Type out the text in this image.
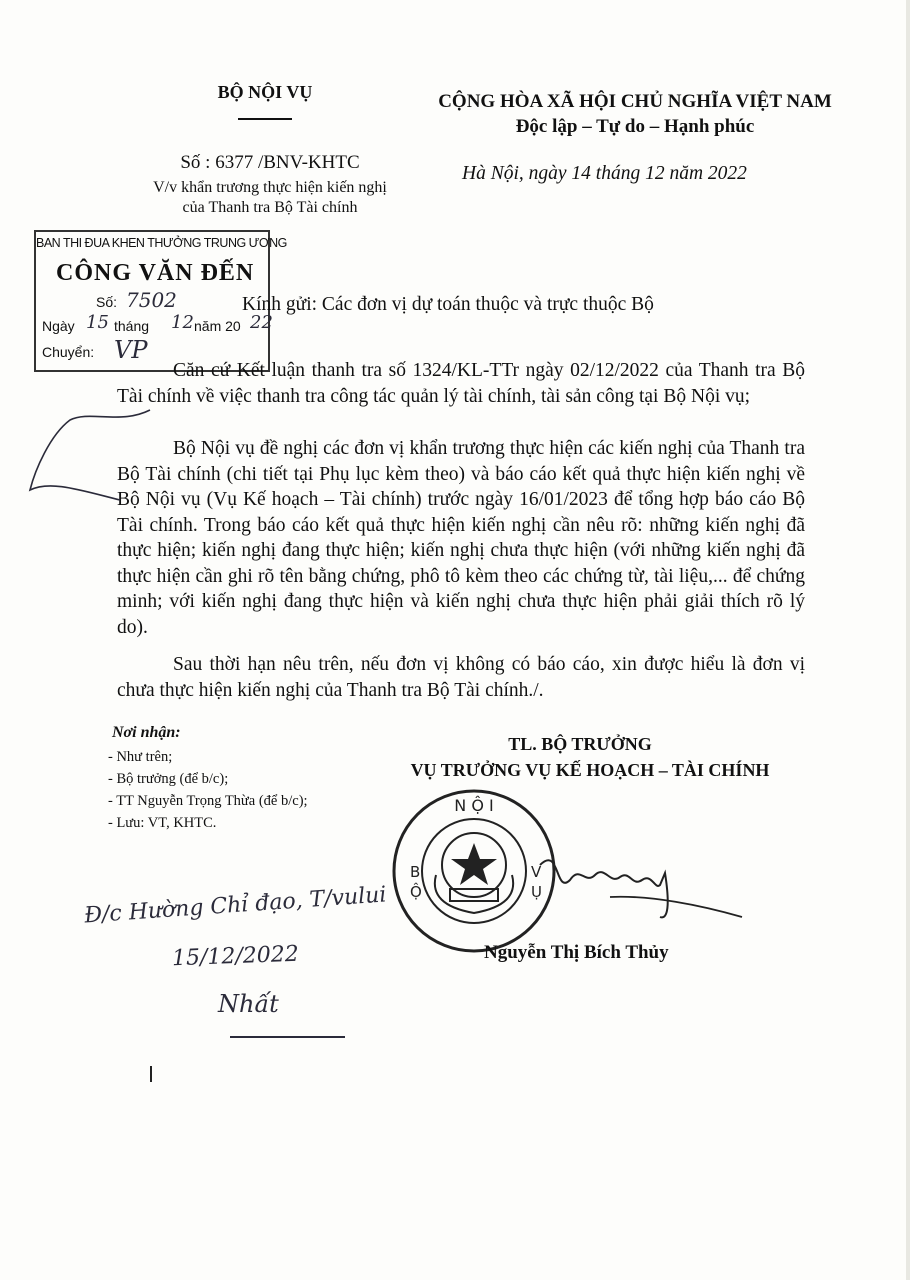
BỘ NỘI VỤ	CỘNG HÒA XÃ HỘI CHỦ NGHĨA VIỆT NAM
Độc lập – Tự do – Hạnh phúc
Số : 6377 /BNV-KHTC
V/v khẩn trương thực hiện kiến nghị
của Thanh tra Bộ Tài chính
Hà Nội, ngày 14 tháng 12 năm 2022
BAN THI ĐUA KHEN THƯỞNG TRUNG ƯƠNG
CÔNG VĂN ĐẾN
Số: 7502
Ngày 15 tháng 12 năm 20 22
Chuyển: VP
Kính gửi: Các đơn vị dự toán thuộc và trực thuộc Bộ
Căn cứ Kết luận thanh tra số 1324/KL-TTr ngày 02/12/2022 của Thanh tra Bộ Tài chính về việc thanh tra công tác quản lý tài chính, tài sản công tại Bộ Nội vụ;
Bộ Nội vụ đề nghị các đơn vị khẩn trương thực hiện các kiến nghị của Thanh tra Bộ Tài chính (chi tiết tại Phụ lục kèm theo) và báo cáo kết quả thực hiện kiến nghị về Bộ Nội vụ (Vụ Kế hoạch – Tài chính) trước ngày 16/01/2023 để tổng hợp báo cáo Bộ Tài chính. Trong báo cáo kết quả thực hiện kiến nghị cần nêu rõ: những kiến nghị đã thực hiện; kiến nghị đang thực hiện; kiến nghị chưa thực hiện (với những kiến nghị đã thực hiện cần ghi rõ tên bằng chứng, phô tô kèm theo các chứng từ, tài liệu,... để chứng minh; với kiến nghị đang thực hiện và kiến nghị chưa thực hiện phải giải thích rõ lý do).
Sau thời hạn nêu trên, nếu đơn vị không có báo cáo, xin được hiểu là đơn vị chưa thực hiện kiến nghị của Thanh tra Bộ Tài chính./.
Nơi nhận:
- Như trên;
- Bộ trưởng (để b/c);
- TT Nguyễn Trọng Thừa (để b/c);
- Lưu: VT, KHTC.
TL. BỘ TRƯỞNG
VỤ TRƯỞNG VỤ KẾ HOẠCH – TÀI CHÍNH
N Ộ I
B
Ộ
V
Ụ
Nguyễn Thị Bích Thủy
Đ/c Hường Chỉ đạo, T/vului
15/12/2022
Nhất
